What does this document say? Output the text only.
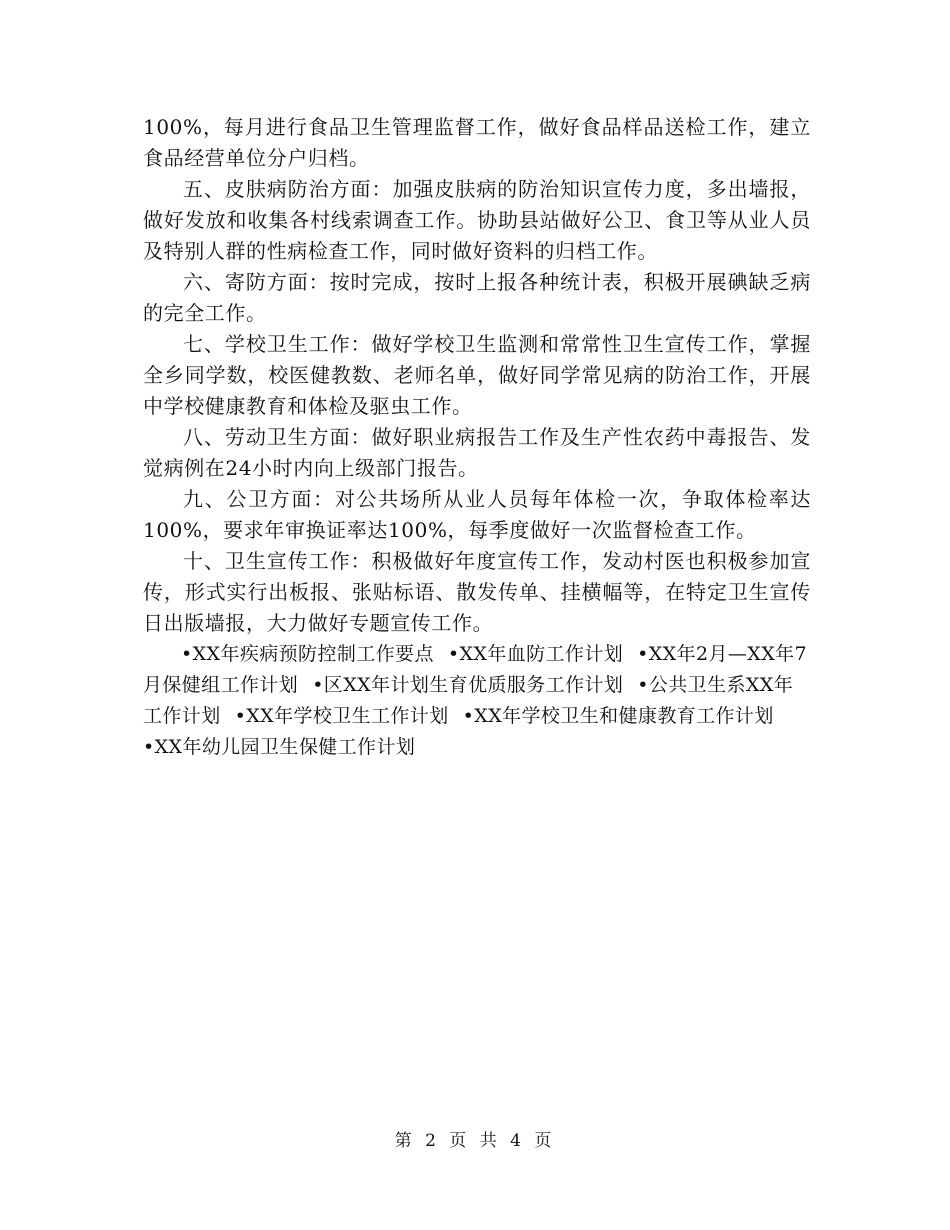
100%，每月进行食品卫生管理监督工作，做好食品样品送检工作，建立食品经营单位分户归档。

五、皮肤病防治方面：加强皮肤病的防治知识宣传力度，多出墙报，做好发放和收集各村线索调查工作。协助县站做好公卫、食卫等从业人员及特别人群的性病检查工作，同时做好资料的归档工作。

六、寄防方面：按时完成，按时上报各种统计表，积极开展碘缺乏病的完全工作。

七、学校卫生工作：做好学校卫生监测和常常性卫生宣传工作，掌握全乡同学数，校医健教数、老师名单，做好同学常见病的防治工作，开展中学校健康教育和体检及驱虫工作。

八、劳动卫生方面：做好职业病报告工作及生产性农药中毒报告、发觉病例在24小时内向上级部门报告。

九、公卫方面：对公共场所从业人员每年体检一次，争取体检率达100%，要求年审换证率达100%，每季度做好一次监督检查工作。

十、卫生宣传工作：积极做好年度宣传工作，发动村医也积极参加宣传，形式实行出板报、张贴标语、散发传单、挂横幅等，在特定卫生宣传日出版墙报，大力做好专题宣传工作。

•XX年疾病预防控制工作要点 •XX年血防工作计划 •XX年2月—XX年7月保健组工作计划 •区XX年计划生育优质服务工作计划 •公共卫生系XX年工作计划 •XX年学校卫生工作计划 •XX年学校卫生和健康教育工作计划•XX年幼儿园卫生保健工作计划

第 2 页 共 4 页
